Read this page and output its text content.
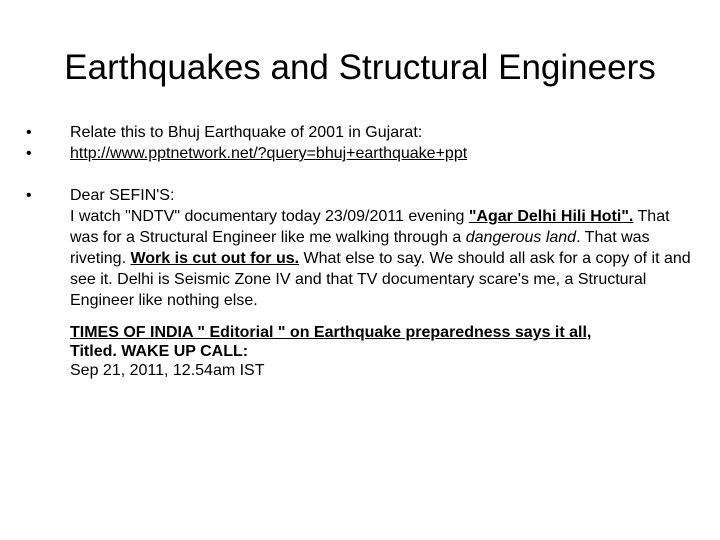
Earthquakes and Structural Engineers
•	Relate this to Bhuj Earthquake of 2001 in Gujarat:
•	http://www.pptnetwork.net/?query=bhuj+earthquake+ppt
•	Dear SEFIN'S:
I watch "NDTV" documentary today 23/09/2011 evening "Agar Delhi Hili Hoti". That was for a Structural Engineer like me walking through a dangerous land. That was riveting. Work is cut out for us. What else to say. We should all ask for a copy of it and see it. Delhi is Seismic Zone IV and that TV documentary scare's me, a Structural Engineer like nothing else.
TIMES OF INDIA " Editorial " on Earthquake preparedness says it all,
Titled. WAKE UP CALL:
Sep 21, 2011, 12.54am IST
